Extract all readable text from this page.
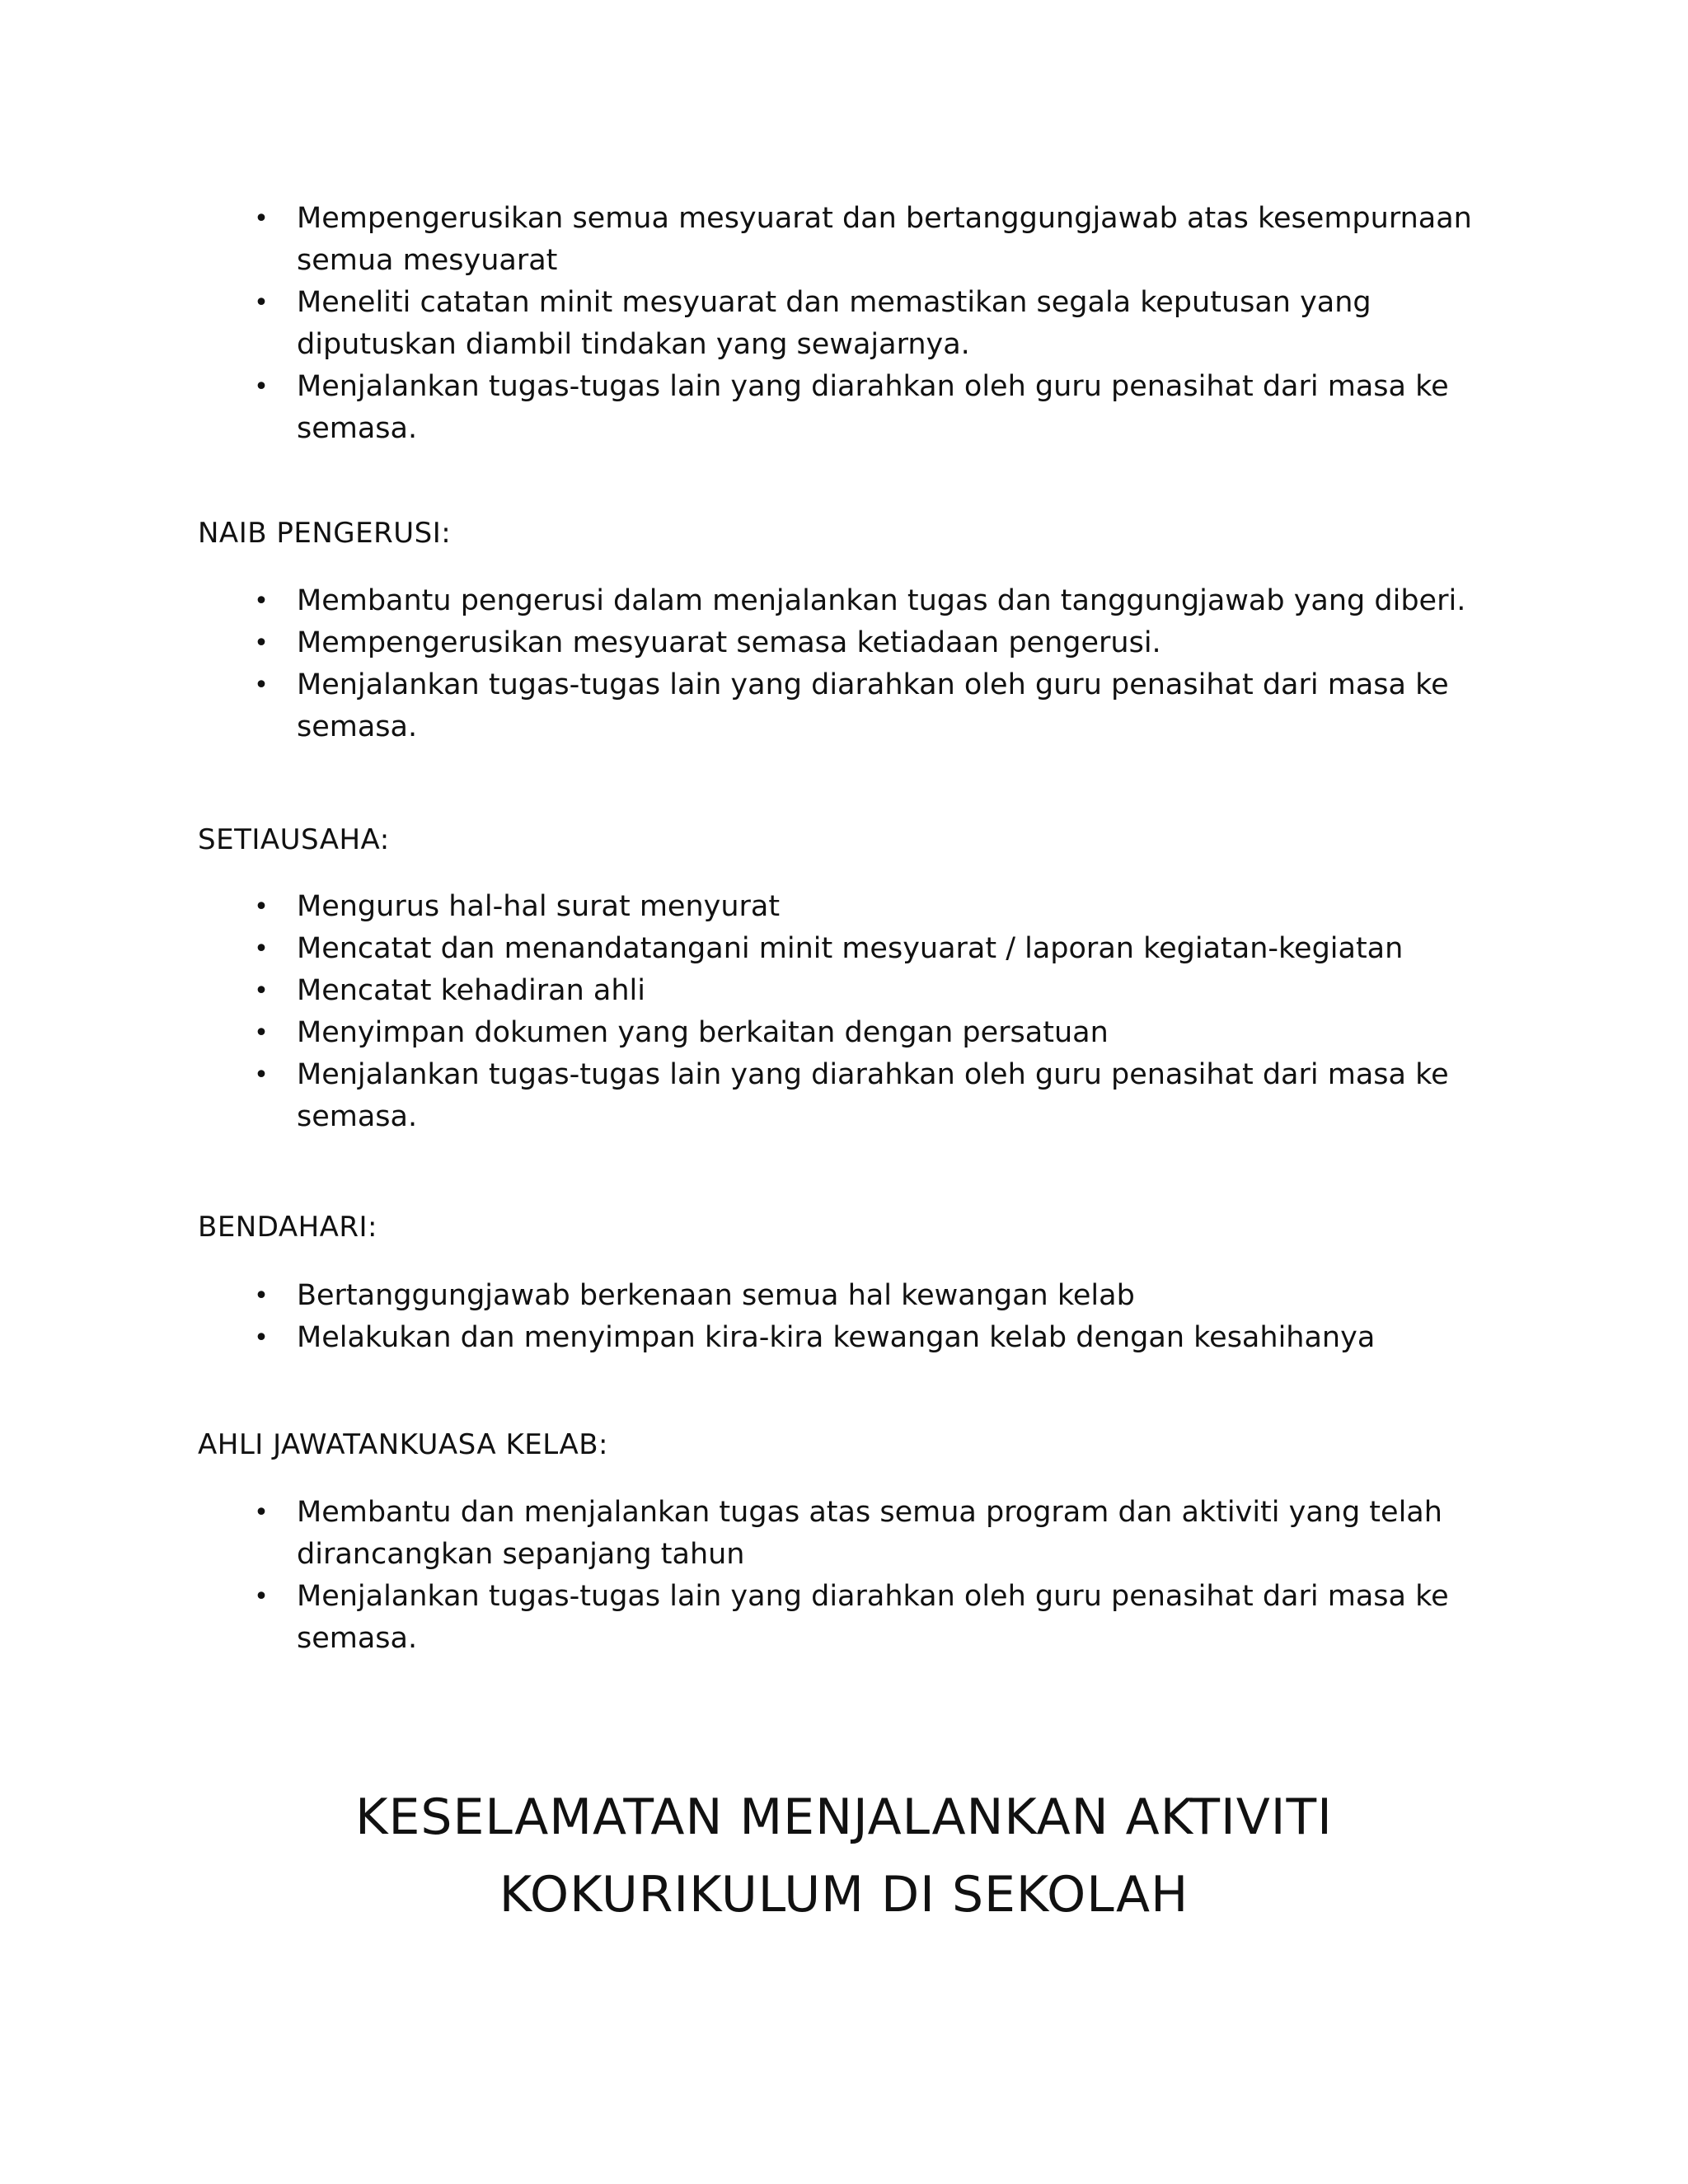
• Mempengerusikan semua mesyuarat dan bertanggungjawab atas kesempurnaan semua mesyuarat
• Meneliti catatan minit mesyuarat dan memastikan segala keputusan yang diputuskan diambil tindakan yang sewajarnya.
• Menjalankan tugas-tugas lain yang diarahkan oleh guru penasihat dari masa ke semasa.
NAIB PENGERUSI:
• Membantu pengerusi dalam menjalankan tugas dan tanggungjawab yang diberi.
• Mempengerusikan mesyuarat semasa ketiadaan pengerusi.
• Menjalankan tugas-tugas lain yang diarahkan oleh guru penasihat dari masa ke semasa.
SETIAUSAHA:
• Mengurus hal-hal surat menyurat
• Mencatat dan menandatangani minit mesyuarat / laporan kegiatan-kegiatan
• Mencatat kehadiran ahli
• Menyimpan dokumen yang berkaitan dengan persatuan
• Menjalankan tugas-tugas lain yang diarahkan oleh guru penasihat dari masa ke semasa.
BENDAHARI:
• Bertanggungjawab berkenaan semua hal kewangan kelab
• Melakukan dan menyimpan kira-kira kewangan kelab dengan kesahihanya
AHLI JAWATANKUASA KELAB:
• Membantu dan menjalankan tugas atas semua program dan aktiviti yang telah dirancangkan sepanjang tahun
• Menjalankan tugas-tugas lain yang diarahkan oleh guru penasihat dari masa ke semasa.
KESELAMATAN MENJALANKAN AKTIVITI
KOKURIKULUM DI SEKOLAH
